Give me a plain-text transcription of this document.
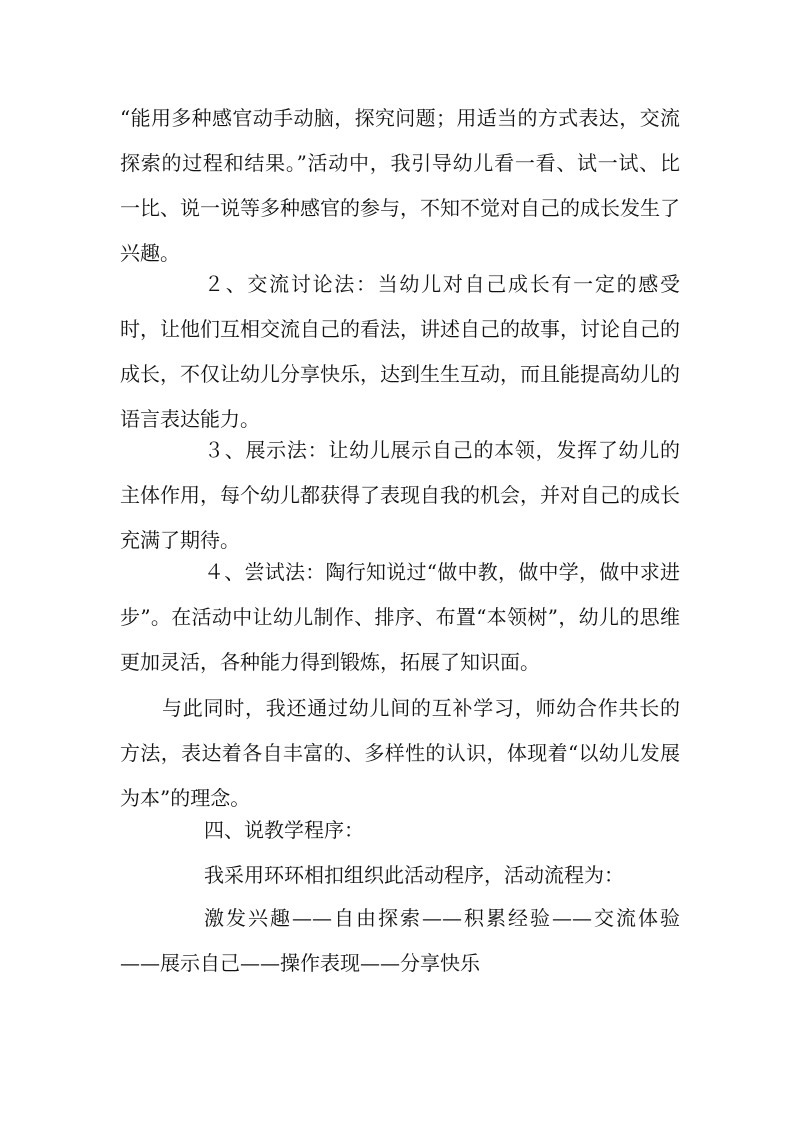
“能用多种感官动手动脑，探究问题；用适当的方式表达，交流探索的过程和结果。”活动中，我引导幼儿看一看、试一试、比一比、说一说等多种感官的参与，不知不觉对自己的成长发生了兴趣。

２、交流讨论法：当幼儿对自己成长有一定的感受时，让他们互相交流自己的看法，讲述自己的故事，讨论自己的成长，不仅让幼儿分享快乐，达到生生互动，而且能提高幼儿的语言表达能力。

３、展示法：让幼儿展示自己的本领，发挥了幼儿的主体作用，每个幼儿都获得了表现自我的机会，并对自己的成长充满了期待。

４、尝试法：陶行知说过“做中教，做中学，做中求进步”。在活动中让幼儿制作、排序、布置“本领树”，幼儿的思维更加灵活，各种能力得到锻炼，拓展了知识面。

与此同时，我还通过幼儿间的互补学习，师幼合作共长的方法，表达着各自丰富的、多样性的认识，体现着“以幼儿发展为本”的理念。

四、说教学程序：

我采用环环相扣组织此活动程序，活动流程为：

激发兴趣——自由探索——积累经验——交流体验——展示自己——操作表现——分享快乐
